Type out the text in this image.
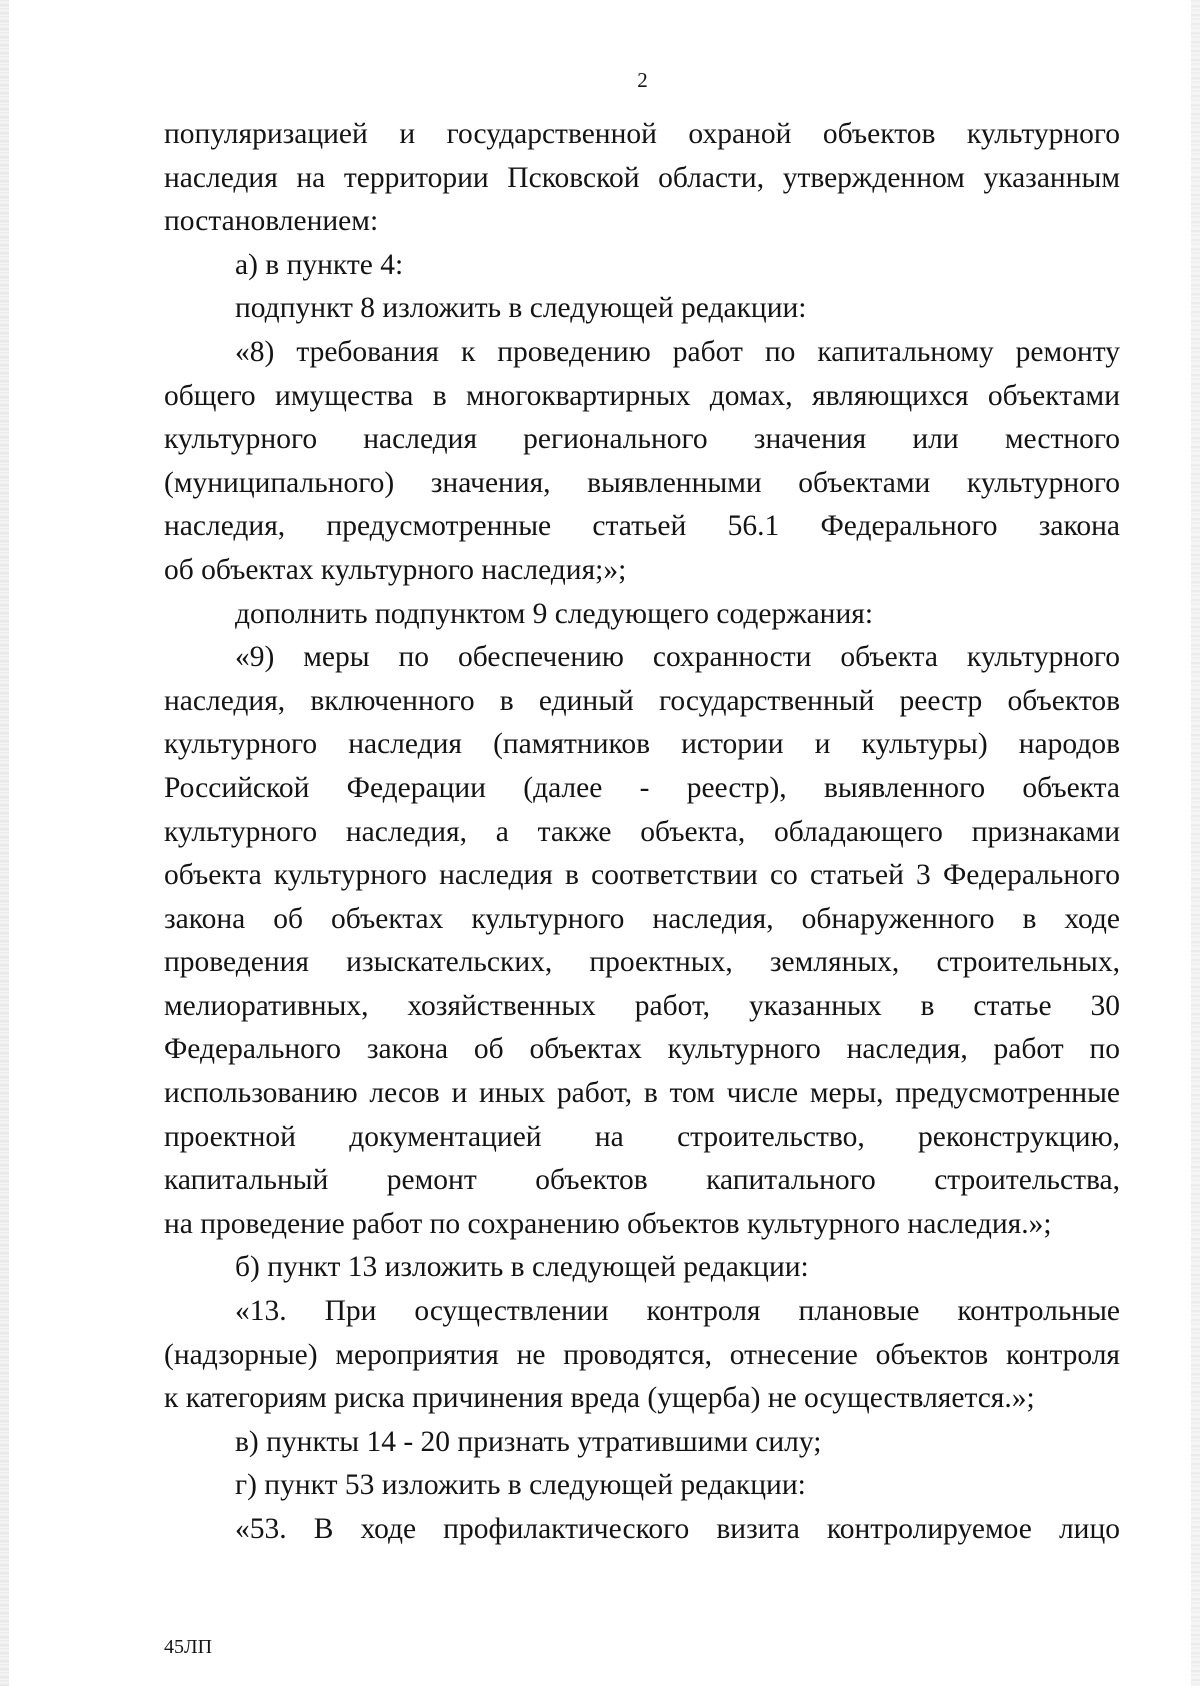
2
популяризацией и государственной охраной объектов культурного
наследия на территории Псковской области, утвержденном указанным
постановлением:
а) в пункте 4:
подпункт 8 изложить в следующей редакции:
«8) требования к проведению работ по капитальному ремонту
общего имущества в многоквартирных домах, являющихся объектами
культурного наследия регионального значения или местного
(муниципального) значения, выявленными объектами культурного
наследия, предусмотренные статьей 56.1 Федерального закона
об объектах культурного наследия;»;
дополнить подпунктом 9 следующего содержания:
«9) меры по обеспечению сохранности объекта культурного
наследия, включенного в единый государственный реестр объектов
культурного наследия (памятников истории и культуры) народов
Российской Федерации (далее - реестр), выявленного объекта
культурного наследия, а также объекта, обладающего признаками
объекта культурного наследия в соответствии со статьей 3 Федерального
закона об объектах культурного наследия, обнаруженного в ходе
проведения изыскательских, проектных, земляных, строительных,
мелиоративных, хозяйственных работ, указанных в статье 30
Федерального закона об объектах культурного наследия, работ по
использованию лесов и иных работ, в том числе меры, предусмотренные
проектной документацией на строительство, реконструкцию,
капитальный ремонт объектов капитального строительства,
на проведение работ по сохранению объектов культурного наследия.»;
б) пункт 13 изложить в следующей редакции:
«13. При осуществлении контроля плановые контрольные
(надзорные) мероприятия не проводятся, отнесение объектов контроля
к категориям риска причинения вреда (ущерба) не осуществляется.»;
в) пункты 14 - 20 признать утратившими силу;
г) пункт 53 изложить в следующей редакции:
«53. В ходе профилактического визита контролируемое лицо
45ЛП
